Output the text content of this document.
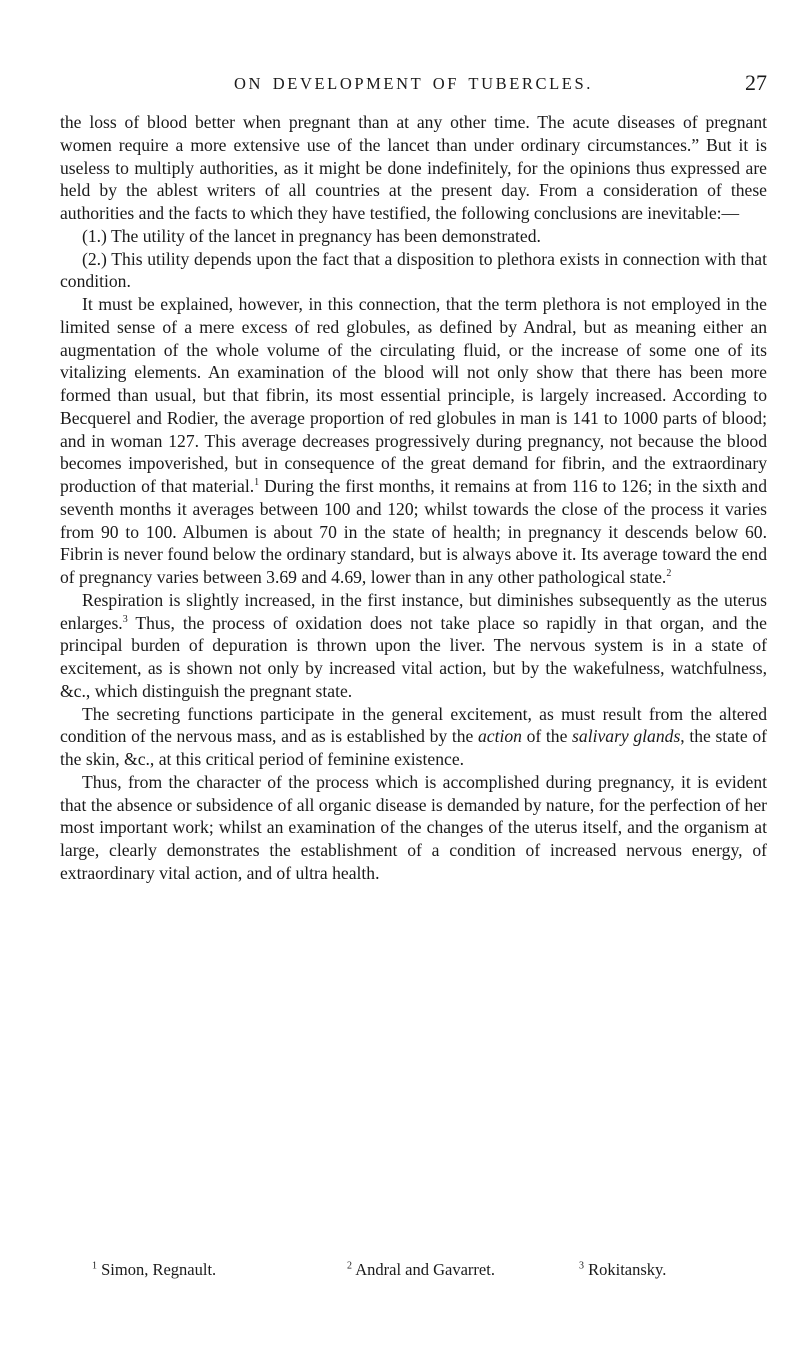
ON DEVELOPMENT OF TUBERCLES.	27

the loss of blood better when pregnant than at any other time. The acute diseases of pregnant women require a more extensive use of the lancet than under ordinary circumstances.” But it is useless to multiply authorities, as it might be done indefinitely, for the opinions thus expressed are held by the ablest writers of all countries at the present day. From a consideration of these authorities and the facts to which they have testified, the following conclusions are inevitable:—

(1.) The utility of the lancet in pregnancy has been demonstrated.

(2.) This utility depends upon the fact that a disposition to plethora exists in connection with that condition.

It must be explained, however, in this connection, that the term plethora is not employed in the limited sense of a mere excess of red globules, as defined by Andral, but as meaning either an augmentation of the whole volume of the circulating fluid, or the increase of some one of its vitalizing elements. An examination of the blood will not only show that there has been more formed than usual, but that fibrin, its most essential principle, is largely increased. According to Becquerel and Rodier, the average proportion of red globules in man is 141 to 1000 parts of blood; and in woman 127. This average decreases progressively during pregnancy, not because the blood becomes impoverished, but in consequence of the great demand for fibrin, and the extraordinary production of that material.$^1$ During the first months, it remains at from 116 to 126; in the sixth and seventh months it averages between 100 and 120; whilst towards the close of the process it varies from 90 to 100. Albumen is about 70 in the state of health; in pregnancy it descends below 60. Fibrin is never found below the ordinary standard, but is always above it. Its average toward the end of pregnancy varies between 3.69 and 4.69, lower than in any other pathological state.$^2$

Respiration is slightly increased, in the first instance, but diminishes subsequently as the uterus enlarges.$^3$ Thus, the process of oxidation does not take place so rapidly in that organ, and the principal burden of depuration is thrown upon the liver. The nervous system is in a state of excitement, as is shown not only by increased vital action, but by the wakefulness, watchfulness, &c., which distinguish the pregnant state.

The secreting functions participate in the general excitement, as must result from the altered condition of the nervous mass, and as is established by the action of the salivary glands, the state of the skin, &c., at this critical period of feminine existence.

Thus, from the character of the process which is accomplished during pregnancy, it is evident that the absence or subsidence of all organic disease is demanded by nature, for the perfection of her most important work; whilst an examination of the changes of the uterus itself, and the organism at large, clearly demonstrates the establishment of a condition of increased nervous energy, of extraordinary vital action, and of ultra health.

$^1$ Simon, Regnault.	$^2$ Andral and Gavarret.	$^3$ Rokitansky.
